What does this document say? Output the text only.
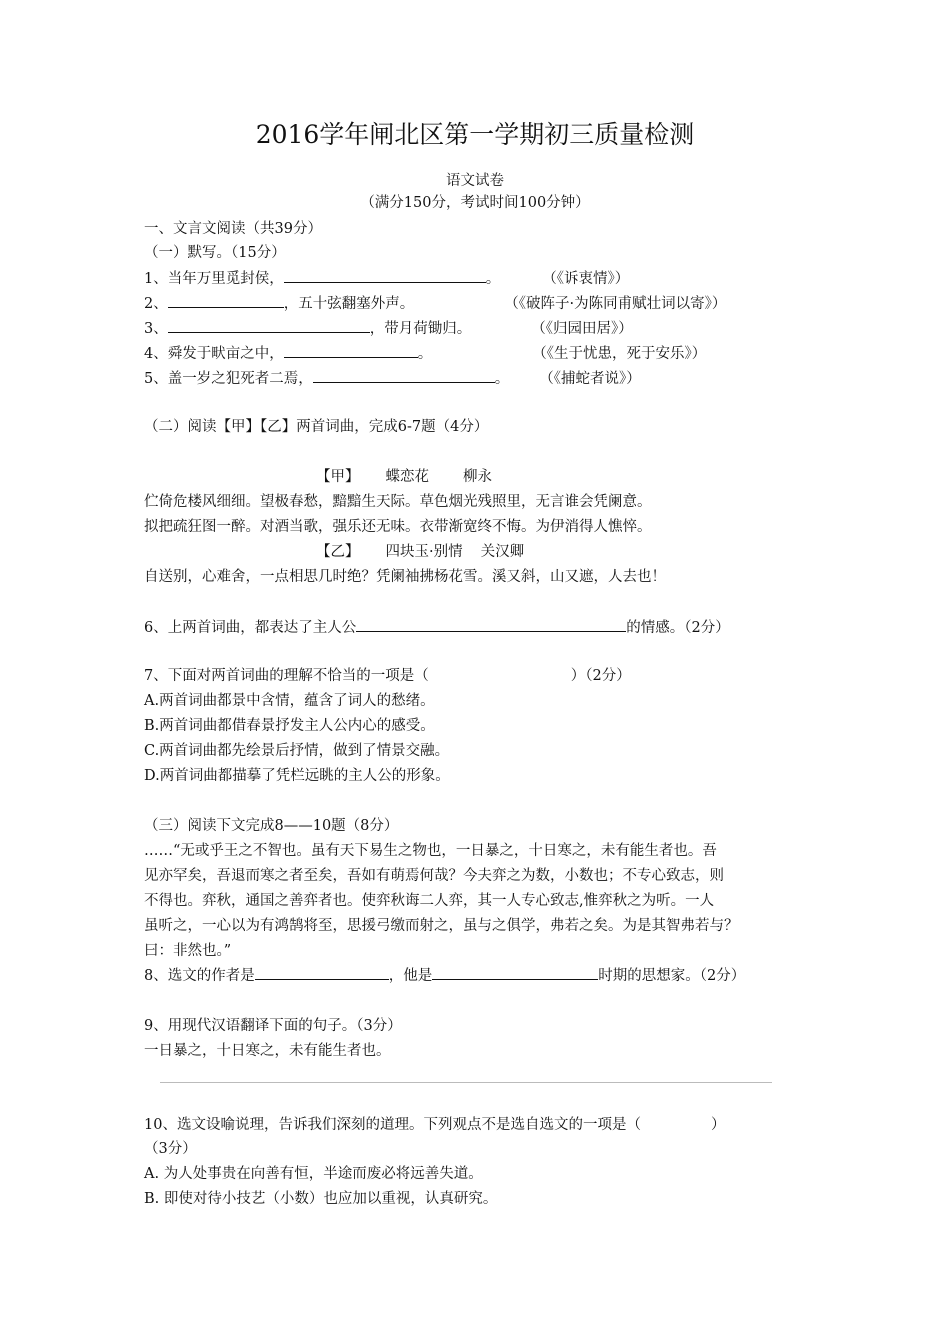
2016学年闸北区第一学期初三质量检测
语文试卷
（满分150分，考试时间100分钟）
一、文言文阅读（共39分）
（一）默写。（15分）
1、当年万里觅封侯，	。	（《诉衷情》）
2、	，五十弦翻塞外声。	（《破阵子·为陈同甫赋壮词以寄》）
3、	，带月荷锄归。	（《归园田居》）
4、舜发于畎亩之中，	。	（《生于忧患，死于安乐》）
5、盖一岁之犯死者二焉，	。 （《捕蛇者说》）
（二）阅读【甲】【乙】两首词曲，完成6-7题（4分）
【甲】 蝶恋花 柳永
伫倚危楼风细细。望极春愁，黯黯生天际。草色烟光残照里，无言谁会凭阑意。
拟把疏狂图一醉。对酒当歌，强乐还无味。衣带渐宽终不悔。为伊消得人憔悴。
【乙】 四块玉·别情 关汉卿
自送别，心难舍，一点相思几时绝？凭阑袖拂杨花雪。溪又斜，山又遮，人去也！
6、上两首词曲，都表达了主人公	的情感。（2分）
7、下面对两首词曲的理解不恰当的一项是（	）（2分）
A.两首词曲都景中含情，蕴含了词人的愁绪。
B.两首词曲都借春景抒发主人公内心的感受。
C.两首词曲都先绘景后抒情，做到了情景交融。
D.两首词曲都描摹了凭栏远眺的主人公的形象。
（三）阅读下文完成8——10题（8分）
……“无或乎王之不智也。虽有天下易生之物也，一日暴之，十日寒之，未有能生者也。吾
见亦罕矣，吾退而寒之者至矣，吾如有萌焉何哉？今夫弈之为数，小数也；不专心致志，则
不得也。弈秋，通国之善弈者也。使弈秋诲二人弈，其一人专心致志,惟弈秋之为听。一人
虽听之，一心以为有鸿鹄将至，思援弓缴而射之，虽与之俱学，弗若之矣。为是其智弗若与？
曰：非然也。”
8、选文的作者是	，他是	时期的思想家。（2分）
9、用现代汉语翻译下面的句子。（3分）
一日暴之，十日寒之，未有能生者也。
10、选文设喻说理，告诉我们深刻的道理。下列观点不是选自选文的一项是（	）
（3分）
A. 为人处事贵在向善有恒，半途而废必将远善失道。
B. 即使对待小技艺（小数）也应加以重视，认真研究。
